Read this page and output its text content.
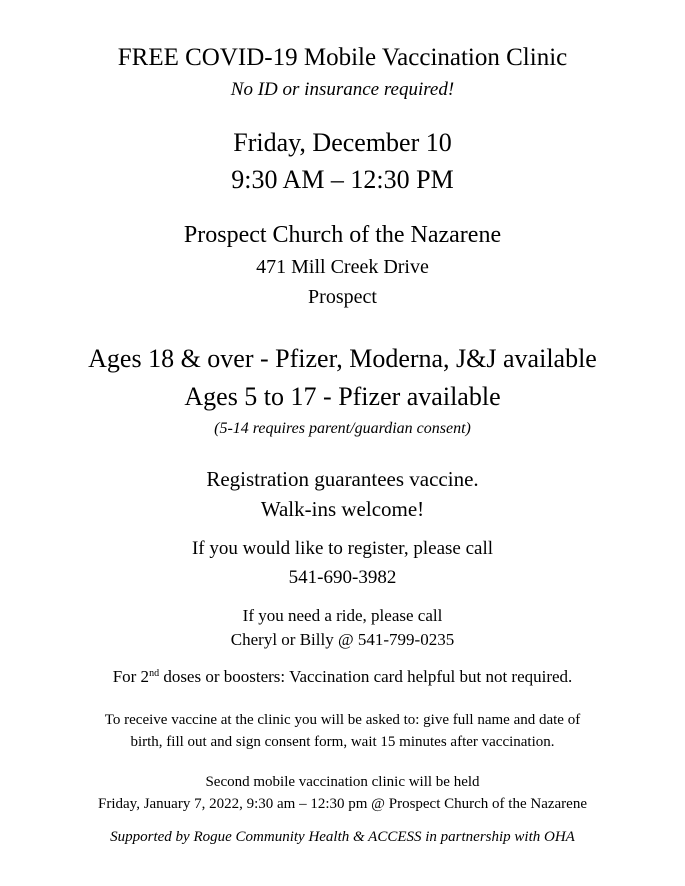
FREE COVID-19 Mobile Vaccination Clinic
No ID or insurance required!
Friday, December 10
9:30 AM – 12:30 PM
Prospect Church of the Nazarene
471 Mill Creek Drive
Prospect
Ages 18 & over - Pfizer, Moderna, J&J available
Ages 5 to 17 - Pfizer available
(5-14 requires parent/guardian consent)
Registration guarantees vaccine.
Walk-ins welcome!
If you would like to register, please call
541-690-3982
If you need a ride, please call
Cheryl or Billy @ 541-799-0235
For 2nd doses or boosters: Vaccination card helpful but not required.
To receive vaccine at the clinic you will be asked to: give full name and date of
birth, fill out and sign consent form, wait 15 minutes after vaccination.
Second mobile vaccination clinic will be held
Friday, January 7, 2022, 9:30 am – 12:30 pm @ Prospect Church of the Nazarene
Supported by Rogue Community Health & ACCESS in partnership with OHA
